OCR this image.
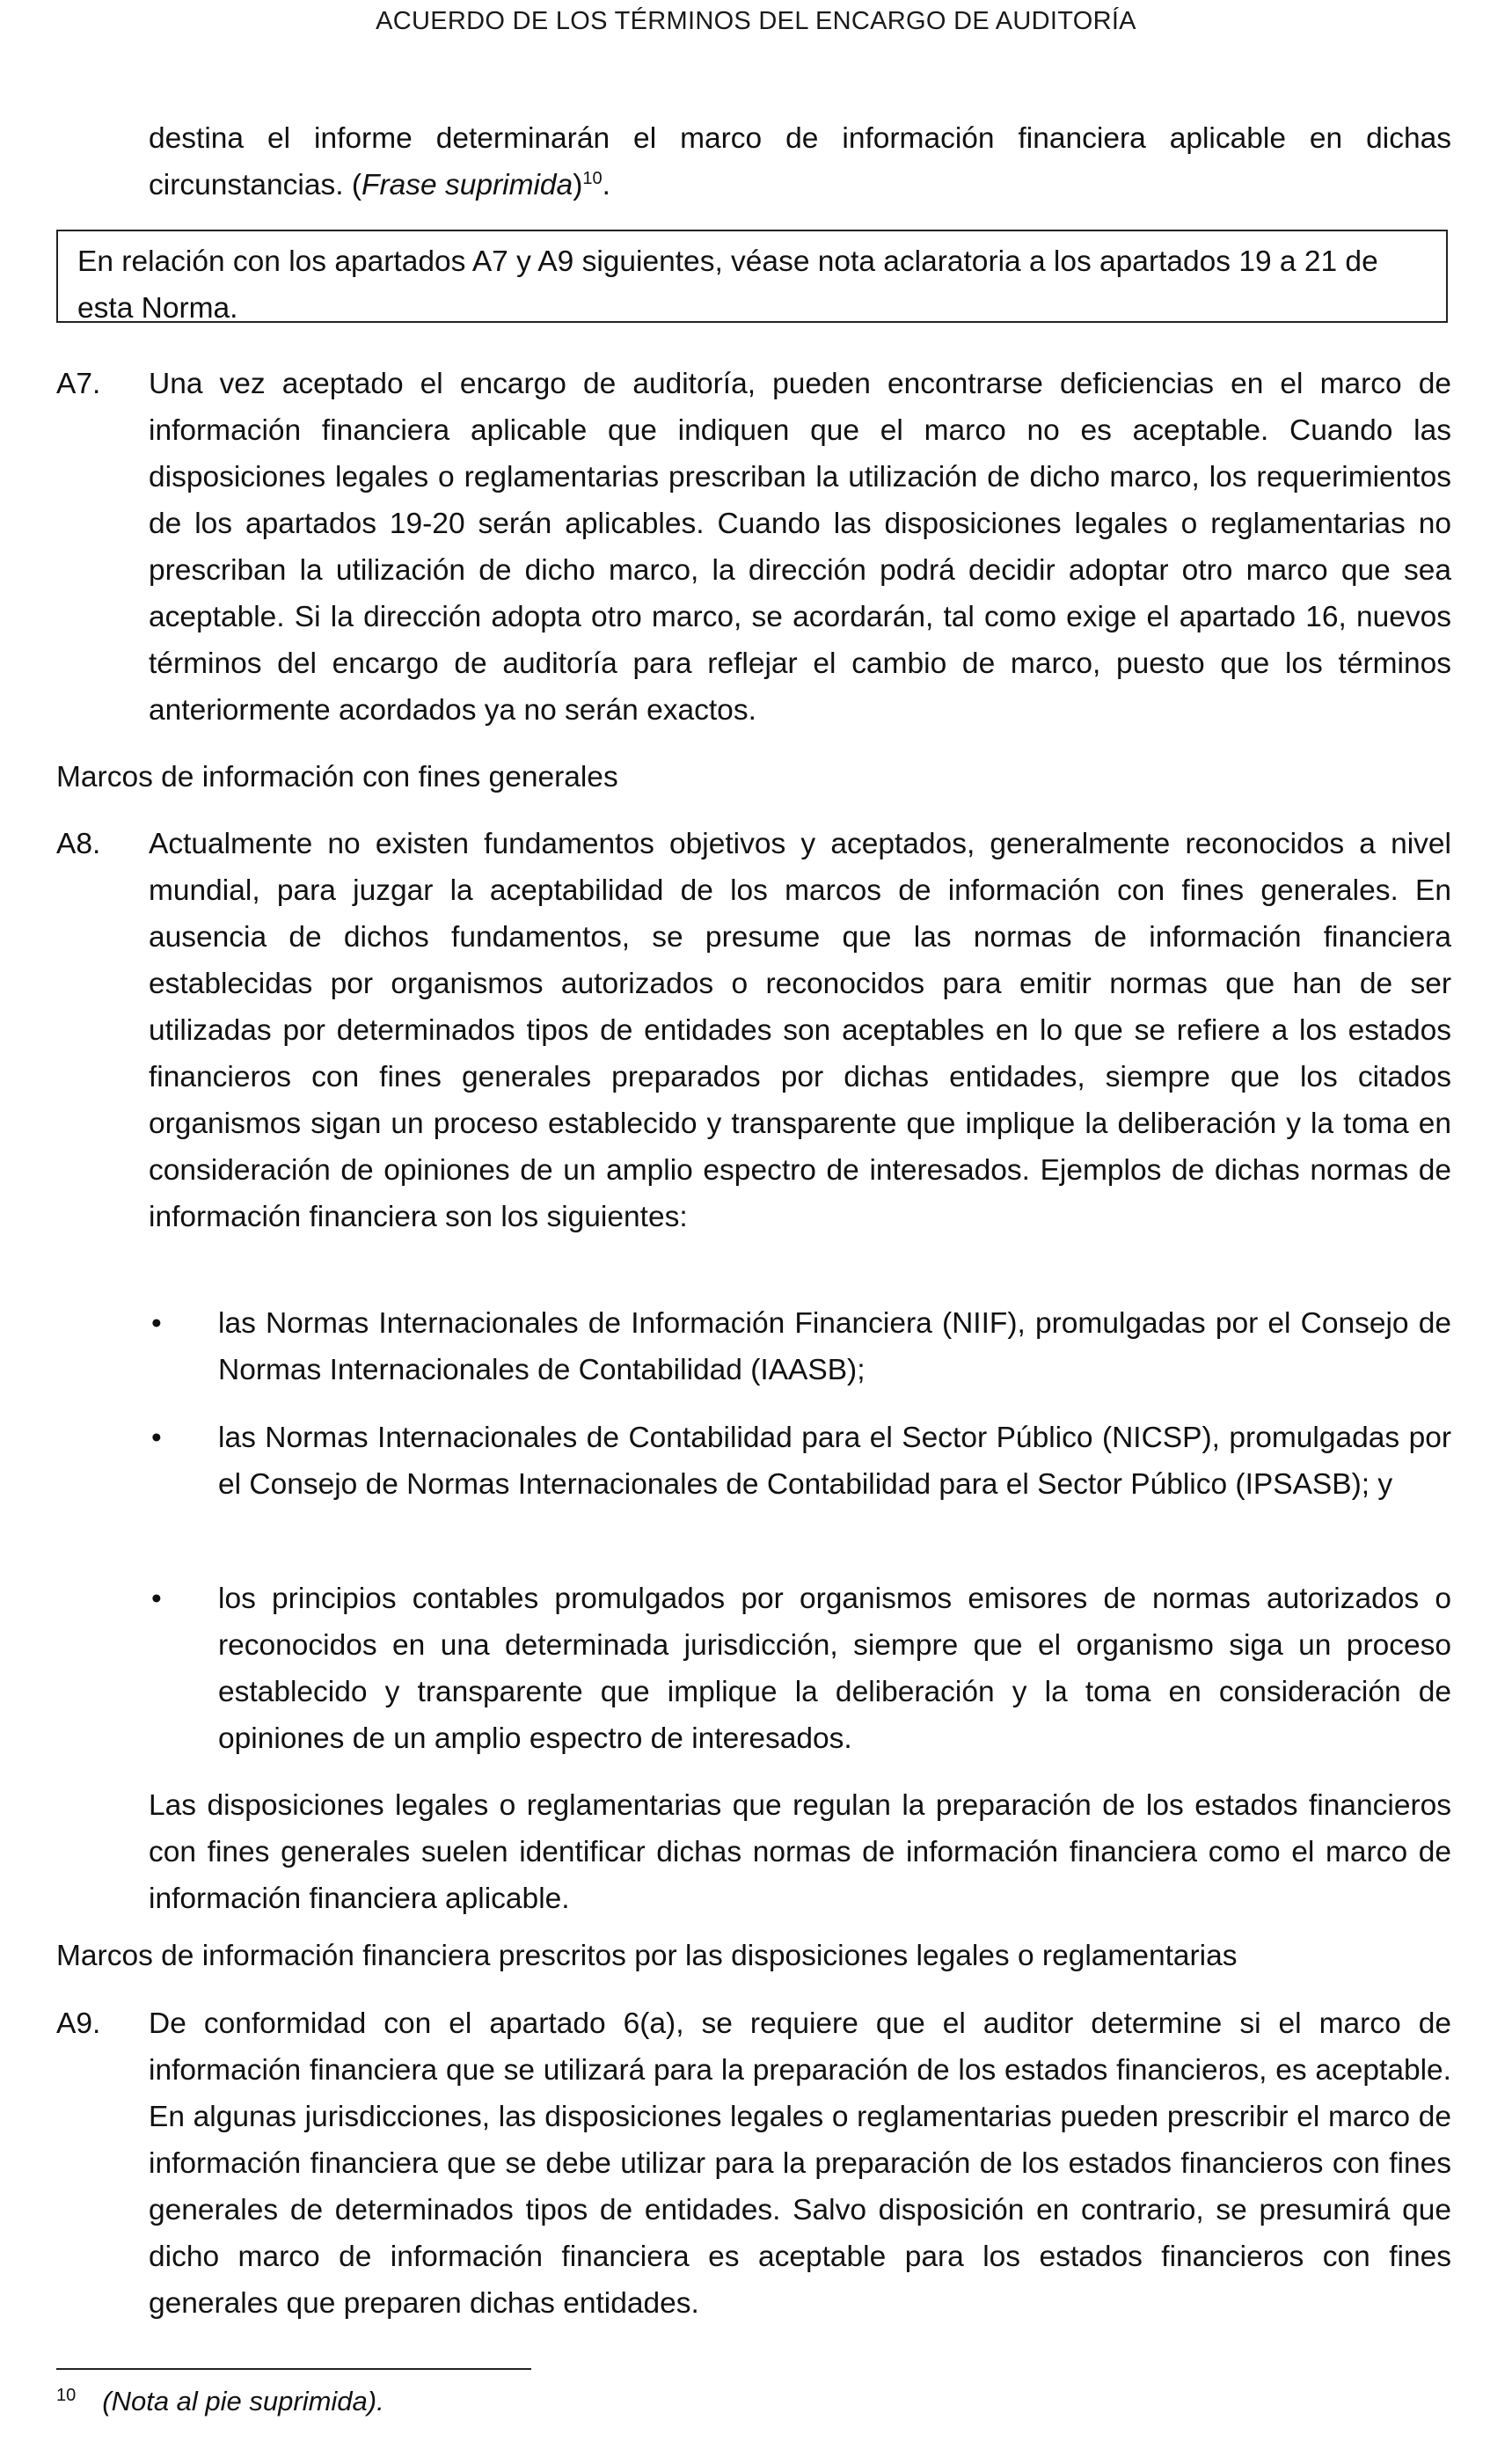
ACUERDO DE LOS TÉRMINOS DEL ENCARGO DE AUDITORÍA
destina el informe determinarán el marco de información financiera aplicable en dichas circunstancias. (Frase suprimida)$^{10}$.
En relación con los apartados A7 y A9 siguientes, véase nota aclaratoria a los apartados 19 a 21 de esta Norma.
A7. Una vez aceptado el encargo de auditoría, pueden encontrarse deficiencias en el marco de información financiera aplicable que indiquen que el marco no es aceptable. Cuando las disposiciones legales o reglamentarias prescriban la utilización de dicho marco, los requerimientos de los apartados 19-20 serán aplicables. Cuando las disposiciones legales o reglamentarias no prescriban la utilización de dicho marco, la dirección podrá decidir adoptar otro marco que sea aceptable. Si la dirección adopta otro marco, se acordarán, tal como exige el apartado 16, nuevos términos del encargo de auditoría para reflejar el cambio de marco, puesto que los términos anteriormente acordados ya no serán exactos.
Marcos de información con fines generales
A8. Actualmente no existen fundamentos objetivos y aceptados, generalmente reconocidos a nivel mundial, para juzgar la aceptabilidad de los marcos de información con fines generales. En ausencia de dichos fundamentos, se presume que las normas de información financiera establecidas por organismos autorizados o reconocidos para emitir normas que han de ser utilizadas por determinados tipos de entidades son aceptables en lo que se refiere a los estados financieros con fines generales preparados por dichas entidades, siempre que los citados organismos sigan un proceso establecido y transparente que implique la deliberación y la toma en consideración de opiniones de un amplio espectro de interesados. Ejemplos de dichas normas de información financiera son los siguientes:
• las Normas Internacionales de Información Financiera (NIIF), promulgadas por el Consejo de Normas Internacionales de Contabilidad (IAASB);
• las Normas Internacionales de Contabilidad para el Sector Público (NICSP), promulgadas por el Consejo de Normas Internacionales de Contabilidad para el Sector Público (IPSASB); y
• los principios contables promulgados por organismos emisores de normas autorizados o reconocidos en una determinada jurisdicción, siempre que el organismo siga un proceso establecido y transparente que implique la deliberación y la toma en consideración de opiniones de un amplio espectro de interesados.
Las disposiciones legales o reglamentarias que regulan la preparación de los estados financieros con fines generales suelen identificar dichas normas de información financiera como el marco de información financiera aplicable.
Marcos de información financiera prescritos por las disposiciones legales o reglamentarias
A9. De conformidad con el apartado 6(a), se requiere que el auditor determine si el marco de información financiera que se utilizará para la preparación de los estados financieros, es aceptable. En algunas jurisdicciones, las disposiciones legales o reglamentarias pueden prescribir el marco de información financiera que se debe utilizar para la preparación de los estados financieros con fines generales de determinados tipos de entidades. Salvo disposición en contrario, se presumirá que dicho marco de información financiera es aceptable para los estados financieros con fines generales que preparen dichas entidades.
$^{10}$ (Nota al pie suprimida).
